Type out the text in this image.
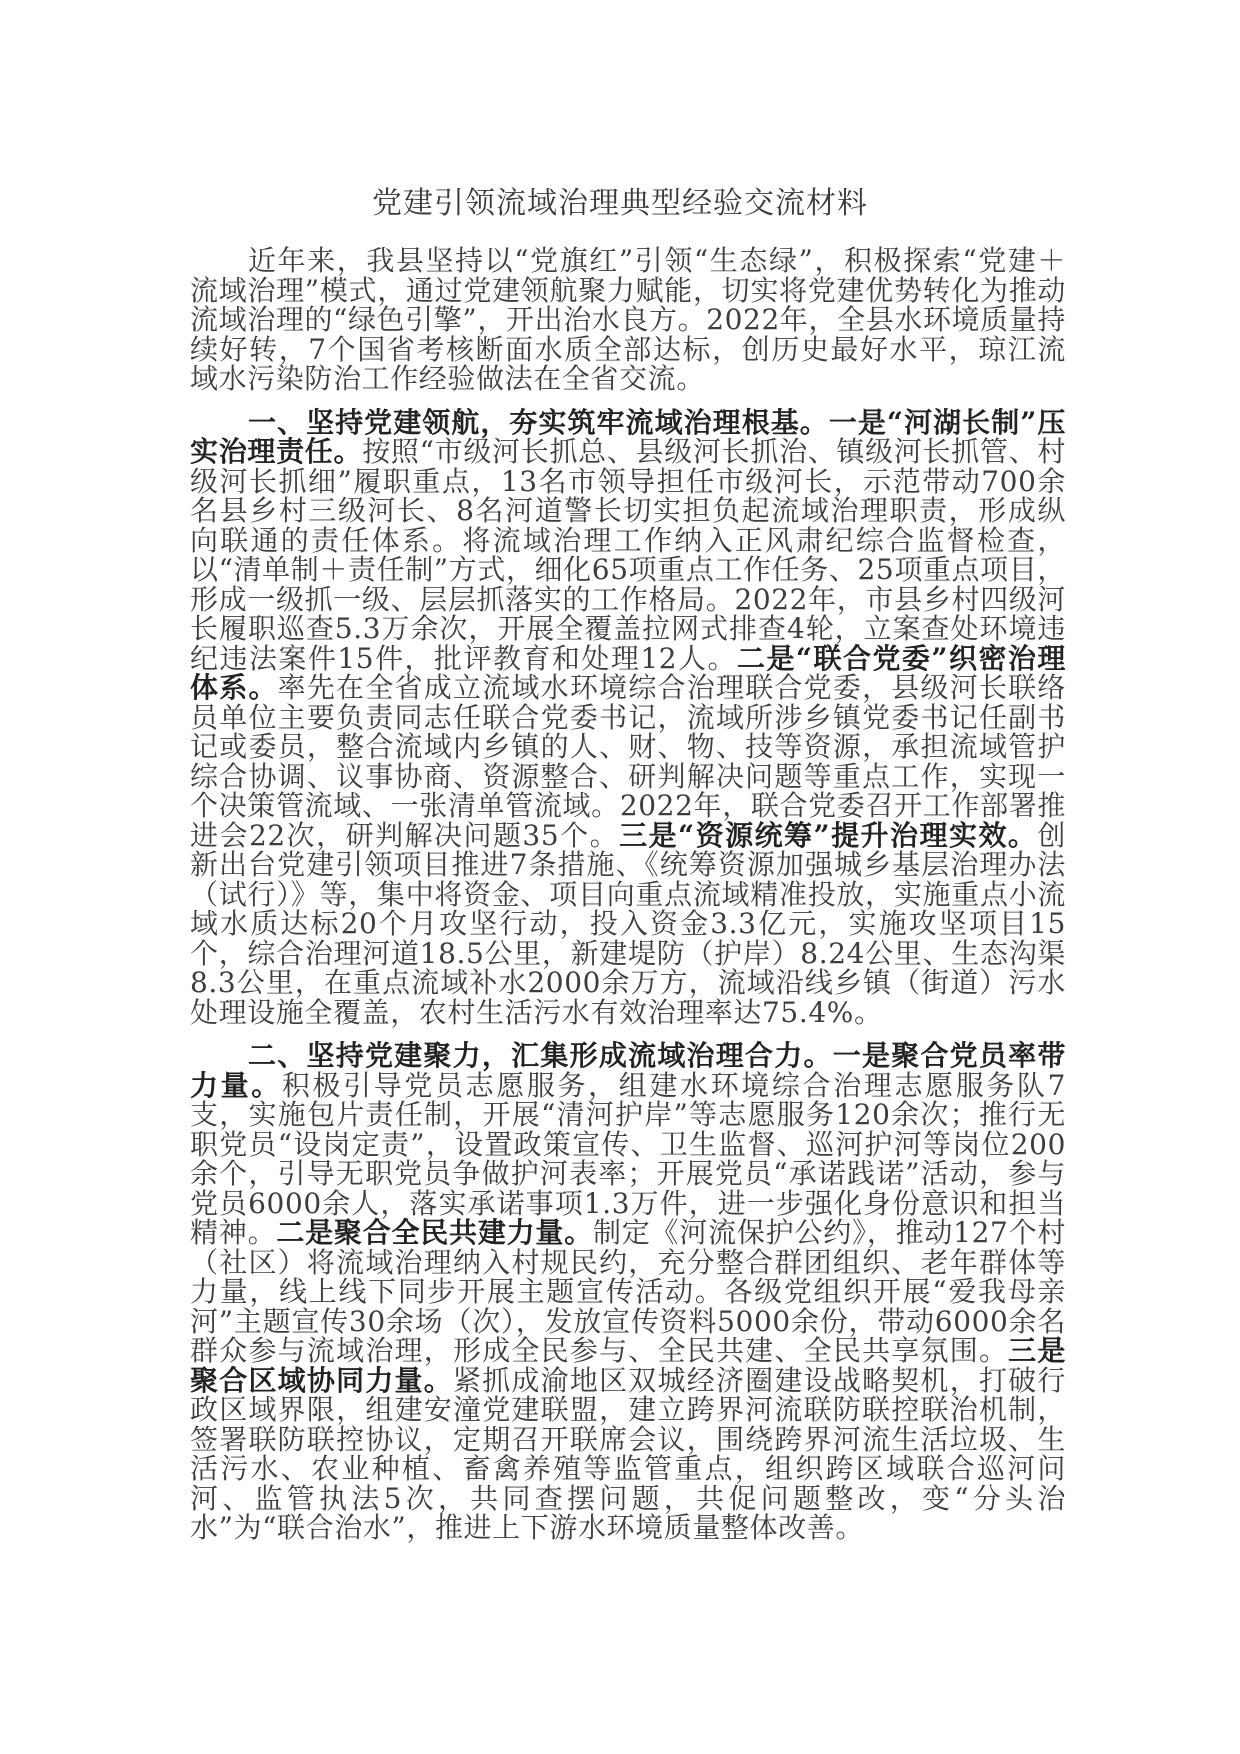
党建引领流域治理典型经验交流材料

近年来，我县坚持以“党旗红”引领“生态绿”，积极探索“党建＋流域治理”模式，通过党建领航聚力赋能，切实将党建优势转化为推动流域治理的“绿色引擎”，开出治水良方。2022年，全县水环境质量持续好转，7个国省考核断面水质全部达标，创历史最好水平，琼江流域水污染防治工作经验做法在全省交流。

一、坚持党建领航，夯实筑牢流域治理根基。一是“河湖长制”压实治理责任。按照“市级河长抓总、县级河长抓治、镇级河长抓管、村级河长抓细”履职重点，13名市领导担任市级河长，示范带动700余名县乡村三级河长、8名河道警长切实担负起流域治理职责，形成纵向联通的责任体系。将流域治理工作纳入正风肃纪综合监督检查，以“清单制＋责任制”方式，细化65项重点工作任务、25项重点项目，形成一级抓一级、层层抓落实的工作格局。2022年，市县乡村四级河长履职巡查5.3万余次，开展全覆盖拉网式排查4轮，立案查处环境违纪违法案件15件，批评教育和处理12人。二是“联合党委”织密治理体系。率先在全省成立流域水环境综合治理联合党委，县级河长联络员单位主要负责同志任联合党委书记，流域所涉乡镇党委书记任副书记或委员，整合流域内乡镇的人、财、物、技等资源，承担流域管护综合协调、议事协商、资源整合、研判解决问题等重点工作，实现一个决策管流域、一张清单管流域。2022年，联合党委召开工作部署推进会22次，研判解决问题35个。三是“资源统筹”提升治理实效。创新出台党建引领项目推进7条措施、《统筹资源加强城乡基层治理办法（试行）》等，集中将资金、项目向重点流域精准投放，实施重点小流域水质达标20个月攻坚行动，投入资金3.3亿元，实施攻坚项目15个，综合治理河道18.5公里，新建堤防（护岸）8.24公里、生态沟渠8.3公里，在重点流域补水2000余万方，流域沿线乡镇（街道）污水处理设施全覆盖，农村生活污水有效治理率达75.4%。

二、坚持党建聚力，汇集形成流域治理合力。一是聚合党员率带力量。积极引导党员志愿服务，组建水环境综合治理志愿服务队7支，实施包片责任制，开展“清河护岸”等志愿服务120余次；推行无职党员“设岗定责”，设置政策宣传、卫生监督、巡河护河等岗位200余个，引导无职党员争做护河表率；开展党员“承诺践诺”活动，参与党员6000余人，落实承诺事项1.3万件，进一步强化身份意识和担当精神。二是聚合全民共建力量。制定《河流保护公约》，推动127个村（社区）将流域治理纳入村规民约，充分整合群团组织、老年群体等力量，线上线下同步开展主题宣传活动。各级党组织开展“爱我母亲河”主题宣传30余场（次），发放宣传资料5000余份，带动6000余名群众参与流域治理，形成全民参与、全民共建、全民共享氛围。三是聚合区域协同力量。紧抓成渝地区双城经济圈建设战略契机，打破行政区域界限，组建安潼党建联盟，建立跨界河流联防联控联治机制，签署联防联控协议，定期召开联席会议，围绕跨界河流生活垃圾、生活污水、农业种植、畜禽养殖等监管重点，组织跨区域联合巡河问河、监管执法5次，共同查摆问题，共促问题整改，变“分头治水”为“联合治水”，推进上下游水环境质量整体改善。
